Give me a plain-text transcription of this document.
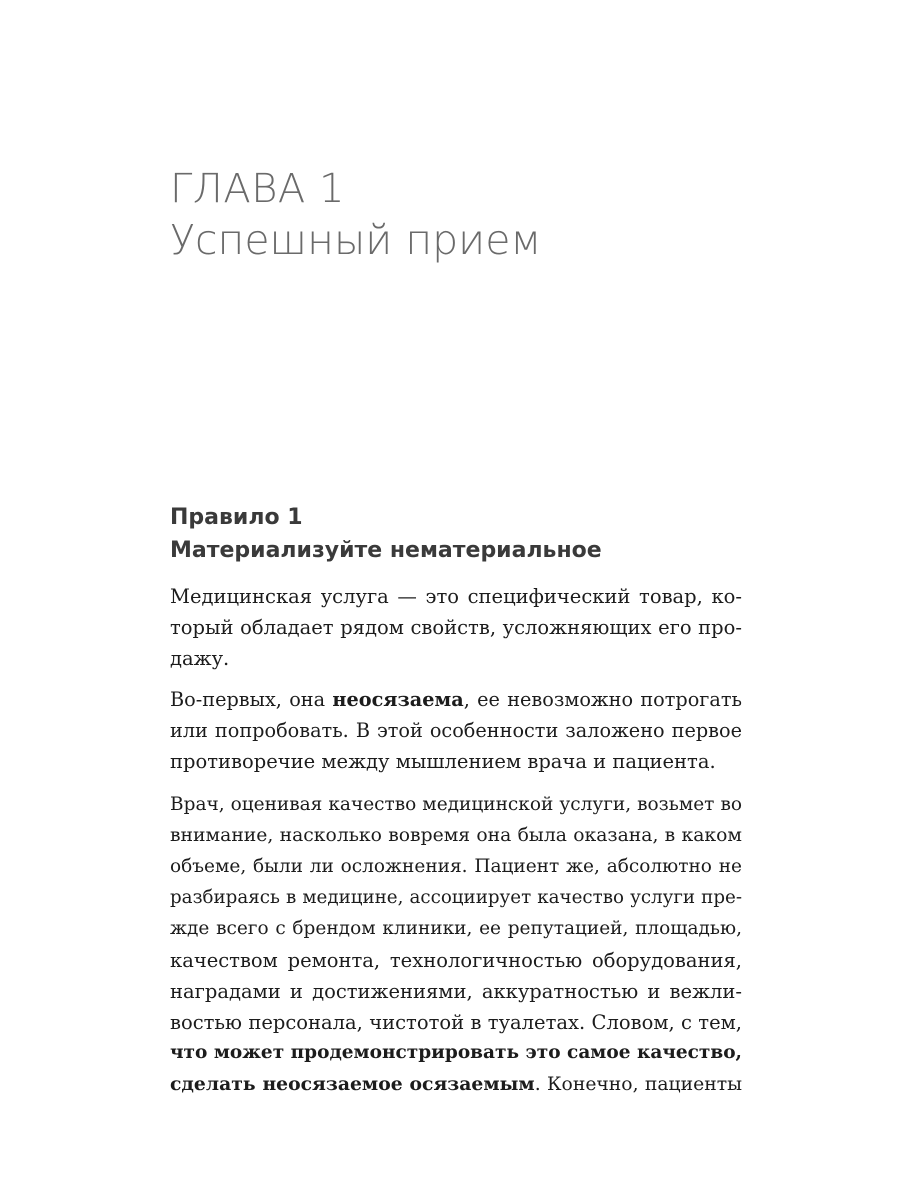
ГЛАВА 1
Успешный прием
Правило 1
Материализуйте нематериальное
Медицинская услуга — это специфический товар, ко-
торый обладает рядом свойств, усложняющих его про-
дажу.
Во-первых, она неосязаема, ее невозможно потрогать
или попробовать. В этой особенности заложено первое
противоречие между мышлением врача и пациента.
Врач, оценивая качество медицинской услуги, возьмет во
внимание, насколько вовремя она была оказана, в каком
объеме, были ли осложнения. Пациент же, абсолютно не
разбираясь в медицине, ассоциирует качество услуги пре-
жде всего с брендом клиники, ее репутацией, площадью,
качеством ремонта, технологичностью оборудования,
наградами и достижениями, аккуратностью и вежли-
востью персонала, чистотой в туалетах. Словом, с тем,
что может продемонстрировать это самое качество,
сделать неосязаемое осязаемым. Конечно, пациенты
